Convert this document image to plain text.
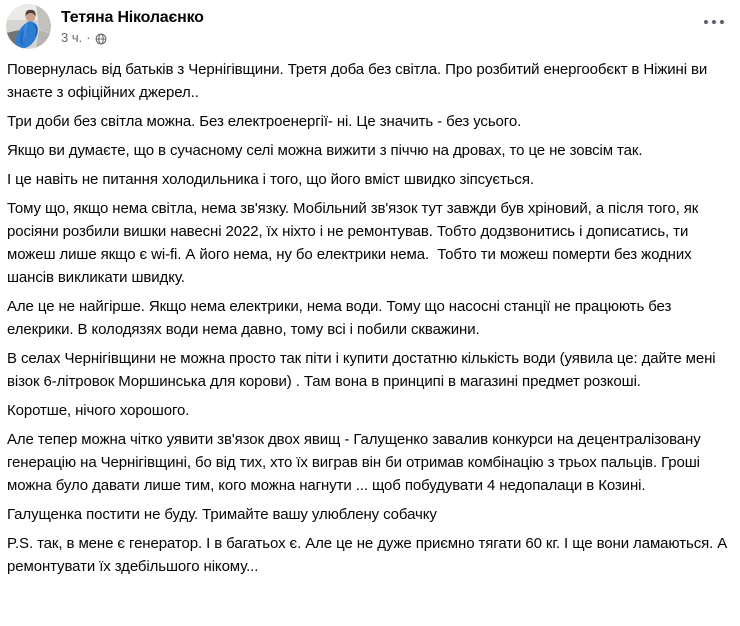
Тетяна Ніколаєнко
3 ч. ·

Повернулась від батьків з Чернігівщини. Третя доба без світла. Про розбитий енергообєкт в Ніжині ви знаєте з офіційних джерел..

Три доби без світла можна. Без електроенергії- ні. Це значить - без усього.

Якщо ви думаєте, що в сучасному селі можна вижити з піччю на дровах, то це не зовсім так.

І це навіть не питання холодильника і того, що його вміст швидко зіпсується.

Тому що, якщо нема світла, нема зв'язку. Мобільний зв'язок тут завжди був хріновий, а після того, як росіяни розбили вишки навесні 2022, їх ніхто і не ремонтував. Тобто додзвонитись і дописатись, ти можеш лише якщо є wi-fi. А його нема, ну бо електрики нема.  Тобто ти можеш померти без жодних шансів викликати швидку.

Але це не найгірше. Якщо нема електрики, нема води. Тому що насосні станції не працюють без елекрики. В колодязях води нема давно, тому всі і побили скважини.

В селах Чернігівщини не можна просто так піти і купити достатню кількість води (уявила це: дайте мені візок 6-літровок Моршинська для корови) . Там вона в принципі в магазині предмет розкоші.

Коротше, нічого хорошого.

Але тепер можна чітко уявити зв'язок двох явищ - Галущенко завалив конкурси на децентралізовану генерацію на Чернігівщині, бо від тих, хто їх виграв він би отримав комбінацію з трьох пальців. Гроші можна було давати лише тим, кого можна нагнути ... щоб побудувати 4 недопалаци в Козині.

Галущенка постити не буду. Тримайте вашу улюблену собачку

P.S. так, в мене є генератор. І в багатьох є. Але це не дуже приємно тягати 60 кг. І ще вони ламаються. А ремонтувати їх здебільшого нікому...
